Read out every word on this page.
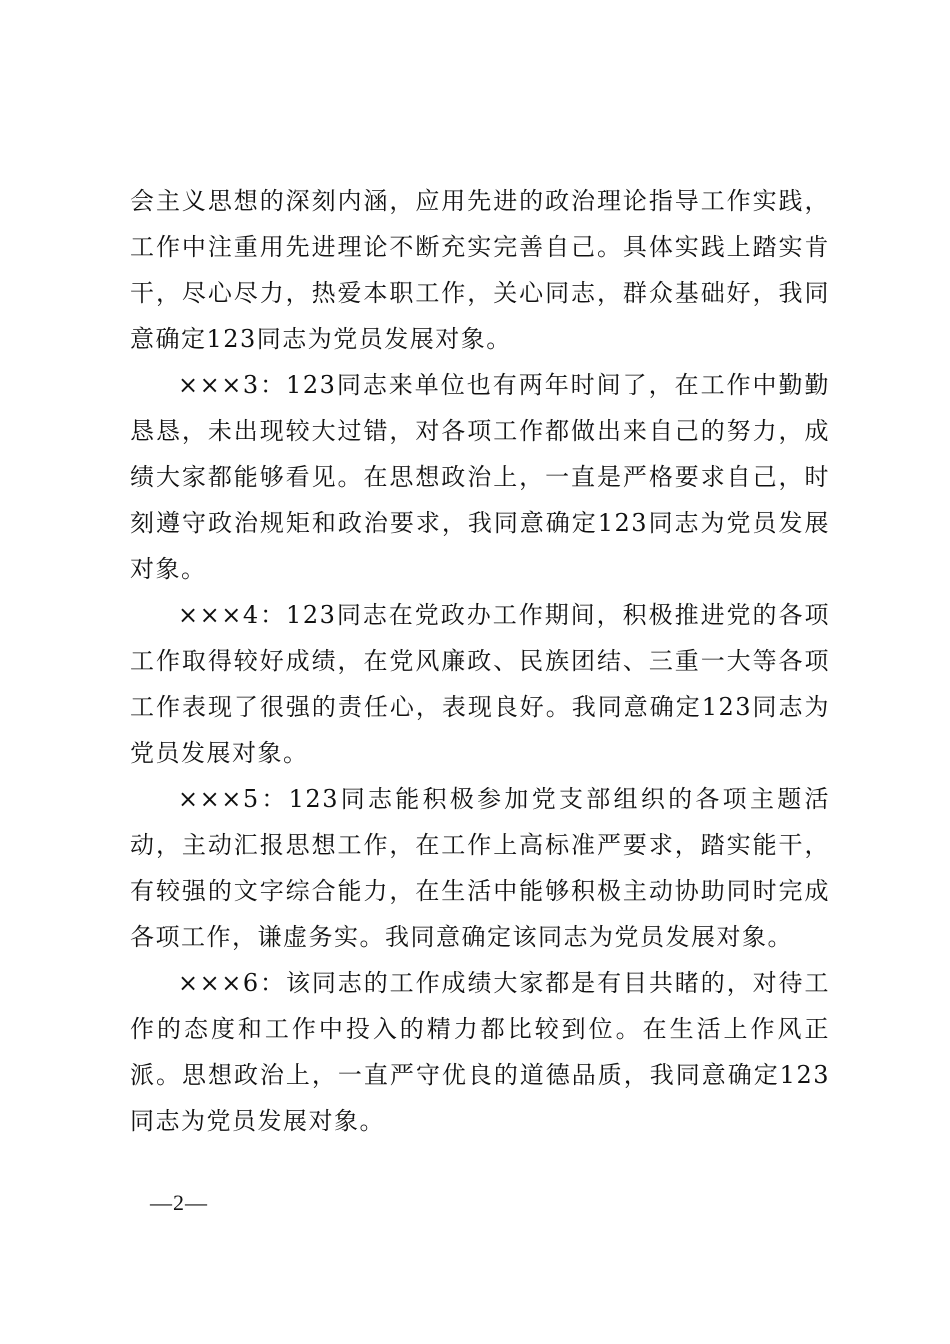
会主义思想的深刻内涵，应用先进的政治理论指导工作实践，工作中注重用先进理论不断充实完善自己。具体实践上踏实肯干，尽心尽力，热爱本职工作，关心同志，群众基础好，我同意确定123同志为党员发展对象。

×××3：123同志来单位也有两年时间了，在工作中勤勤恳恳，未出现较大过错，对各项工作都做出来自己的努力，成绩大家都能够看见。在思想政治上，一直是严格要求自己，时刻遵守政治规矩和政治要求，我同意确定123同志为党员发展对象。

×××4：123同志在党政办工作期间，积极推进党的各项工作取得较好成绩，在党风廉政、民族团结、三重一大等各项工作表现了很强的责任心，表现良好。我同意确定123同志为党员发展对象。

×××5：123同志能积极参加党支部组织的各项主题活动，主动汇报思想工作，在工作上高标准严要求，踏实能干，有较强的文字综合能力，在生活中能够积极主动协助同时完成各项工作，谦虚务实。我同意确定该同志为党员发展对象。

×××6：该同志的工作成绩大家都是有目共睹的，对待工作的态度和工作中投入的精力都比较到位。在生活上作风正派。思想政治上，一直严守优良的道德品质，我同意确定123同志为党员发展对象。

—2—
